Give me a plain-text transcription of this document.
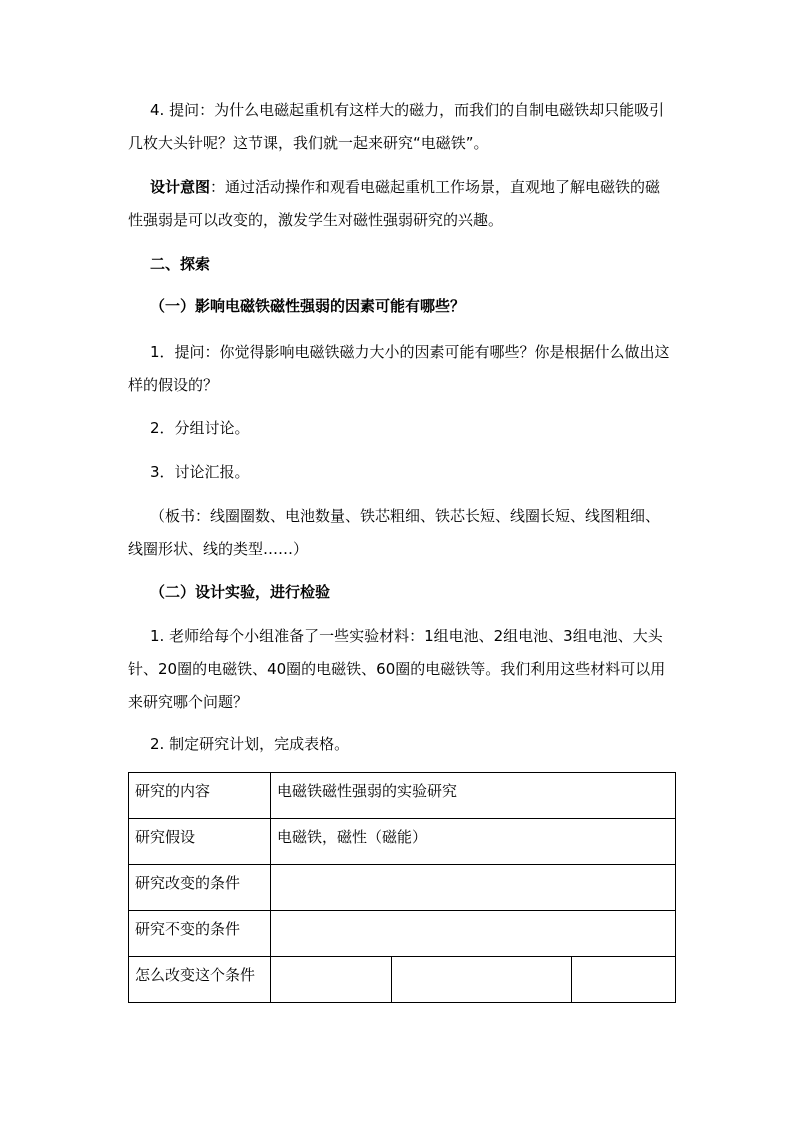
4. 提问：为什么电磁起重机有这样大的磁力，而我们的自制电磁铁却只能吸引几枚大头针呢？这节课，我们就一起来研究“电磁铁”。

设计意图：通过活动操作和观看电磁起重机工作场景，直观地了解电磁铁的磁性强弱是可以改变的，激发学生对磁性强弱研究的兴趣。

二、探索

（一）影响电磁铁磁性强弱的因素可能有哪些？

1．提问：你觉得影响电磁铁磁力大小的因素可能有哪些？你是根据什么做出这样的假设的？

2．分组讨论。

3．讨论汇报。

（板书：线圈圈数、电池数量、铁芯粗细、铁芯长短、线圈长短、线图粗细、线圈形状、线的类型……）

（二）设计实验，进行检验

1. 老师给每个小组准备了一些实验材料：1组电池、2组电池、3组电池、大头针、20圈的电磁铁、40圈的电磁铁、60圈的电磁铁等。我们利用这些材料可以用来研究哪个问题？

2. 制定研究计划，完成表格。

研究的内容	电磁铁磁性强弱的实验研究		
研究假设	电磁铁，磁性（磁能）		
研究改变的条件			
研究不变的条件			
怎么改变这个条件			
